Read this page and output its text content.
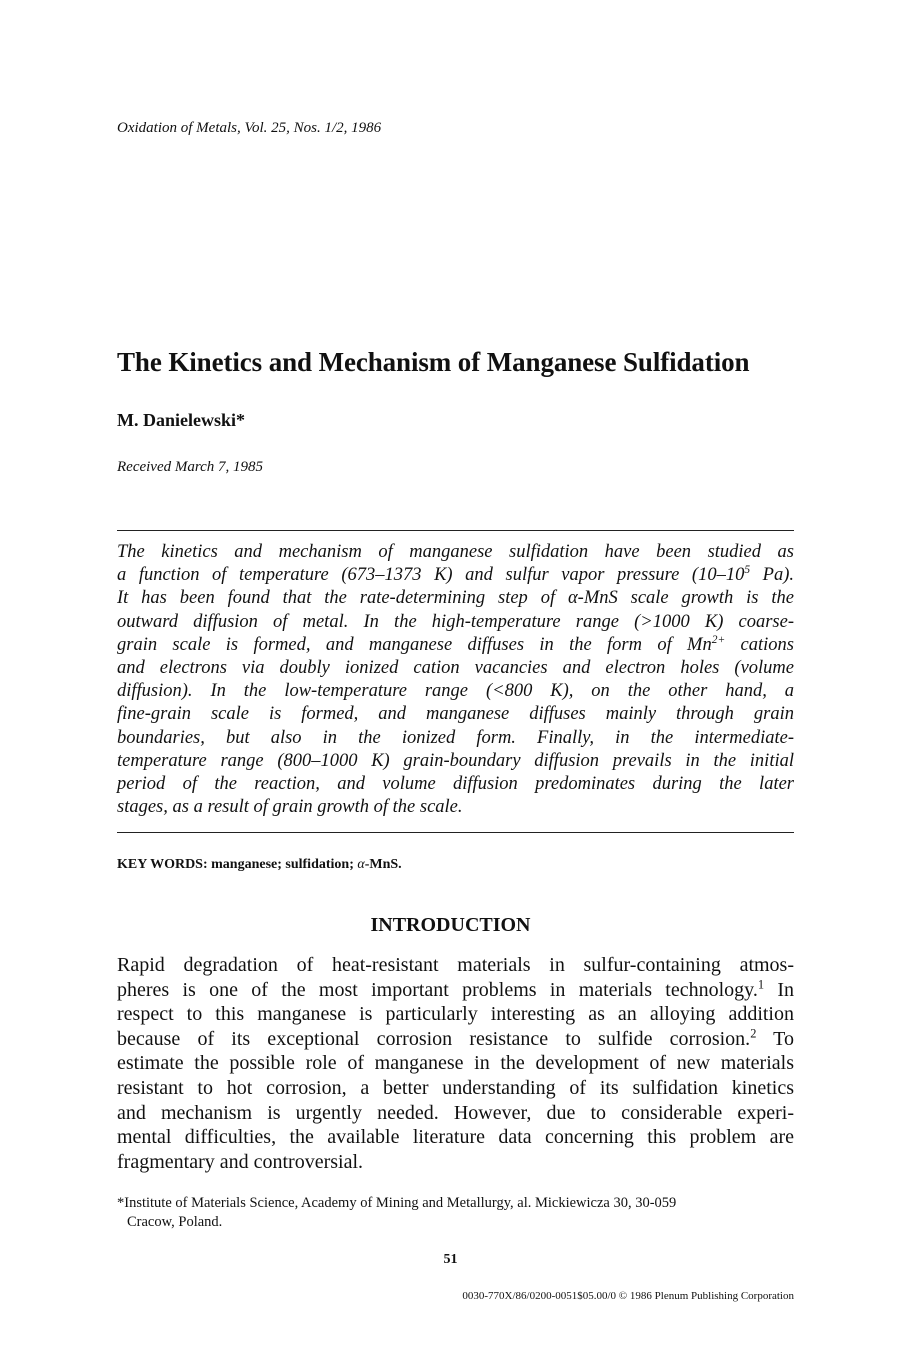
Oxidation of Metals, Vol. 25, Nos. 1/2, 1986
The Kinetics and Mechanism of Manganese Sulfidation
M. Danielewski*
Received March 7, 1985
The kinetics and mechanism of manganese sulfidation have been studied as
a function of temperature (673–1373 K) and sulfur vapor pressure ($10-10^5$ Pa).
It has been found that the rate-determining step of α-MnS scale growth is the
outward diffusion of metal. In the high-temperature range (>1000 K) coarse-
grain scale is formed, and manganese diffuses in the form of $Mn^{2+}$ cations
and electrons via doubly ionized cation vacancies and electron holes (volume
diffusion). In the low-temperature range (<800 K), on the other hand, a
fine-grain scale is formed, and manganese diffuses mainly through grain
boundaries, but also in the ionized form. Finally, in the intermediate-
temperature range (800–1000 K) grain-boundary diffusion prevails in the initial
period of the reaction, and volume diffusion predominates during the later
stages, as a result of grain growth of the scale.
KEY WORDS: manganese; sulfidation; α-MnS.
INTRODUCTION
Rapid degradation of heat-resistant materials in sulfur-containing atmos-
pheres is one of the most important problems in materials technology.$^1$ In
respect to this manganese is particularly interesting as an alloying addition
because of its exceptional corrosion resistance to sulfide corrosion.$^2$ To
estimate the possible role of manganese in the development of new materials
resistant to hot corrosion, a better understanding of its sulfidation kinetics
and mechanism is urgently needed. However, due to considerable experi-
mental difficulties, the available literature data concerning this problem are
fragmentary and controversial.
*Institute of Materials Science, Academy of Mining and Metallurgy, al. Mickiewicza 30, 30-059
Cracow, Poland.
51
0030-770X/86/0200-0051$05.00/0 © 1986 Plenum Publishing Corporation
